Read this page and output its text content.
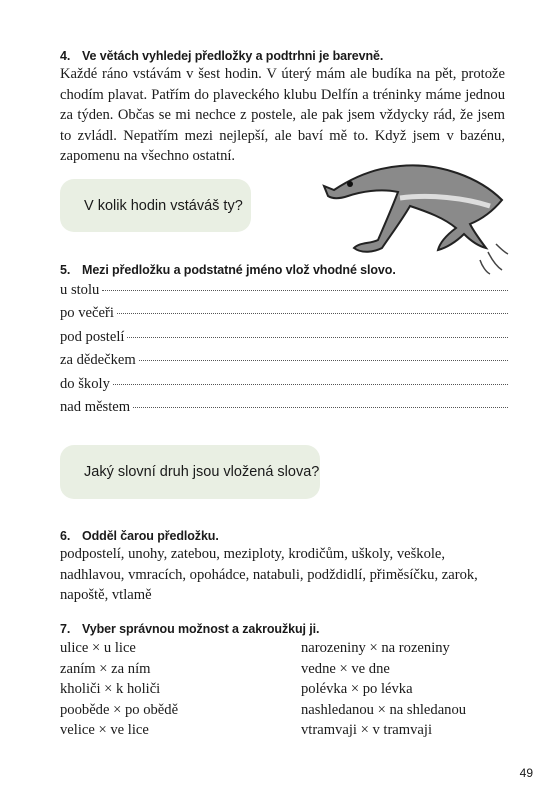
4. Ve větách vyhledej předložky a podtrhni je barevně.
Každé ráno vstávám v šest hodin. V úterý mám ale budíka na pět, protože chodím plavat. Patřím do plaveckého klubu Delfín a tréninky máme jednou za týden. Občas se mi nechce z postele, ale pak jsem vždycky rád, že jsem to zvládl. Nepatřím mezi nejlepší, ale baví mě to. Když jsem v bazénu, zapomenu na všechno ostatní.
V kolik hodin vstáváš ty?
5. Mezi předložku a podstatné jméno vlož vhodné slovo.
u stolu
po večeři
pod postelí
za dědečkem
do školy
nad městem
Jaký slovní druh jsou vložená slova?
6. Odděl čarou předložku.
podpostelí, unohy, zatebou, meziploty, krodičům, uškoly, veškole,
nadhlavou, vmracích, opohádce, natabuli, podždidlí, přiměsíčku, zarok,
napoště, vtlamě
7. Vyber správnou možnost a zakroužkuj ji.
ulice × u lice
zaním × za ním
kholiči × k holiči
pooběde × po obědě
velice × ve lice
narozeniny × na rozeniny
vedne × ve dne
polévka × po lévka
nashledanou × na shledanou
vtramvaji × v tramvaji
49
